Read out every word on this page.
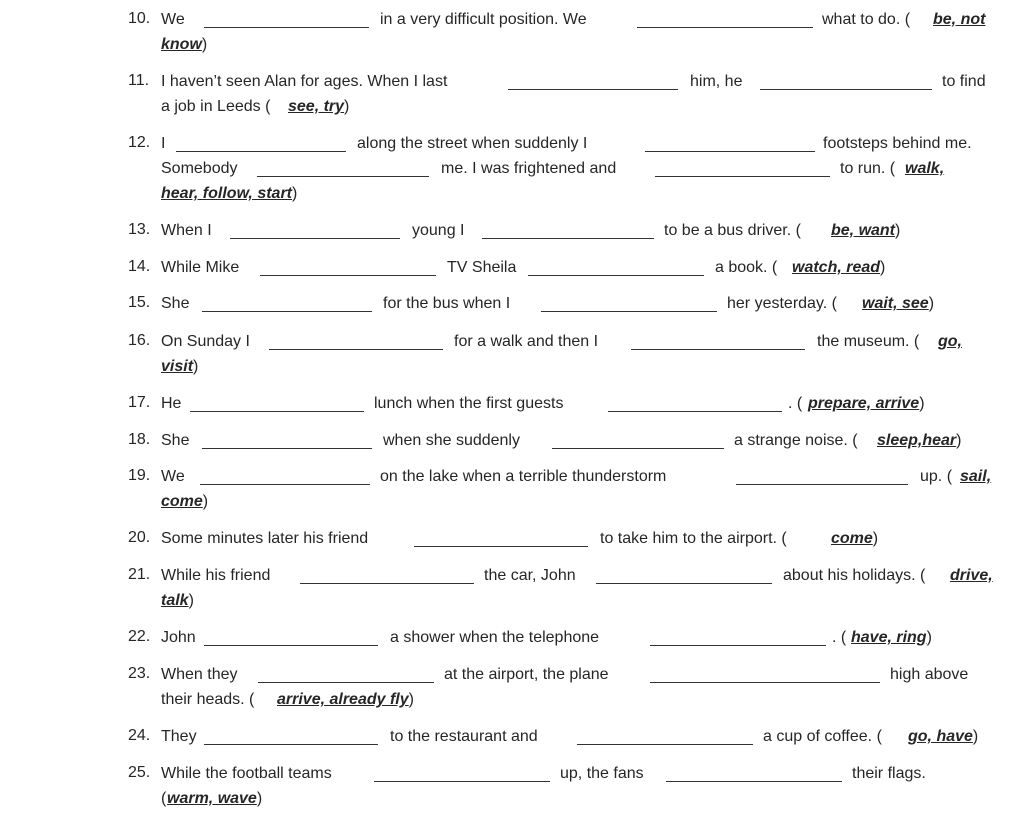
10. We	in a very difficult position. We	what to do. ( be, not
know)
11. I haven’t seen Alan for ages. When I last	him, he	to find
a job in Leeds ( see, try)
12. I	along the street when suddenly I	footsteps behind me.
Somebody	me. I was frightened and	to run. ( walk,
hear, follow, start)
13. When I	young I	to be a bus driver. ( be, want)
14. While Mike	TV Sheila	a book. ( watch, read)
15. She	for the bus when I	her yesterday. ( wait, see)
16. On Sunday I	for a walk and then I	the museum. ( go,
visit)
17. He	lunch when the first guests	. ( prepare, arrive)
18. She	when she suddenly	a strange noise. ( sleep,hear)
19. We	on the lake when a terrible thunderstorm	up. ( sail,
come)
20. Some minutes later his friend	to take him to the airport. (	come)
21. While his friend	the car, John	about his holidays. ( drive,
talk)
22. John	a shower when the telephone	. ( have, ring)
23. When they	at the airport, the plane	high above
their heads. ( arrive, already fly)
24. They	to the restaurant and	a cup of coffee. ( go, have)
25. While the football teams	up, the fans	their flags.
( warm, wave)
